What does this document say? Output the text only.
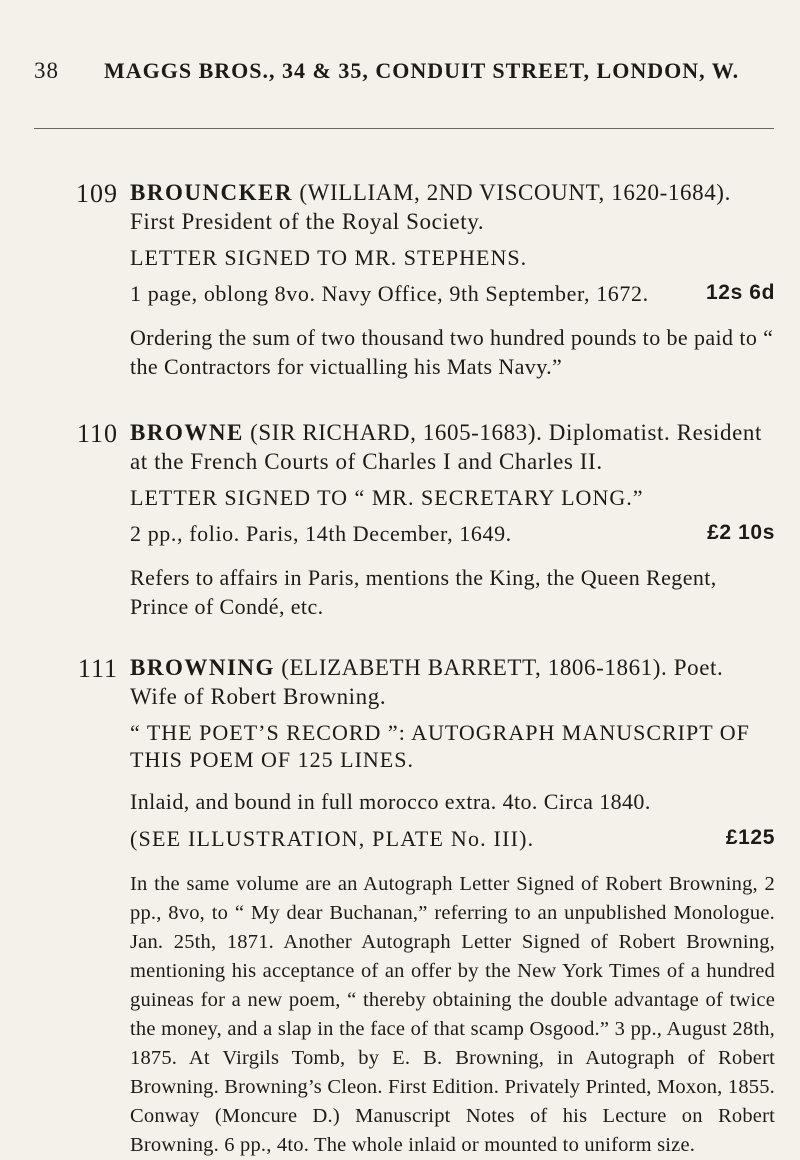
38 MAGGS BROS., 34 & 35, CONDUIT STREET, LONDON, W.
109 BROUNCKER (WILLIAM, 2ND VISCOUNT, 1620-1684). First President of the Royal Society.
LETTER SIGNED TO MR. STEPHENS.
1 page, oblong 8vo. Navy Office, 9th September, 1672.	12s 6d
Ordering the sum of two thousand two hundred pounds to be paid to “ the Contractors for victualling his Mats Navy.”
110 BROWNE (SIR RICHARD, 1605-1683). Diplomatist. Resident at the French Courts of Charles I and Charles II.
LETTER SIGNED TO “ MR. SECRETARY LONG.”
2 pp., folio. Paris, 14th December, 1649.	£2 10s
Refers to affairs in Paris, mentions the King, the Queen Regent, Prince of Condé, etc.
111 BROWNING (ELIZABETH BARRETT, 1806-1861). Poet. Wife of Robert Browning.
“ THE POET’S RECORD ”: AUTOGRAPH MANUSCRIPT OF THIS POEM OF 125 LINES.
Inlaid, and bound in full morocco extra. 4to. Circa 1840.
(SEE ILLUSTRATION, PLATE No. III).	£125
In the same volume are an Autograph Letter Signed of Robert Browning, 2 pp., 8vo, to “ My dear Buchanan,” referring to an unpublished Monologue. Jan. 25th, 1871. Another Autograph Letter Signed of Robert Browning, mentioning his acceptance of an offer by the New York Times of a hundred guineas for a new poem, “ thereby obtaining the double advantage of twice the money, and a slap in the face of that scamp Osgood.” 3 pp., August 28th, 1875. At Virgils Tomb, by E. B. Browning, in Autograph of Robert Browning. Browning’s Cleon. First Edition. Privately Printed, Moxon, 1855. Conway (Moncure D.) Manuscript Notes of his Lecture on Robert Browning. 6 pp., 4to. The whole inlaid or mounted to uniform size.
